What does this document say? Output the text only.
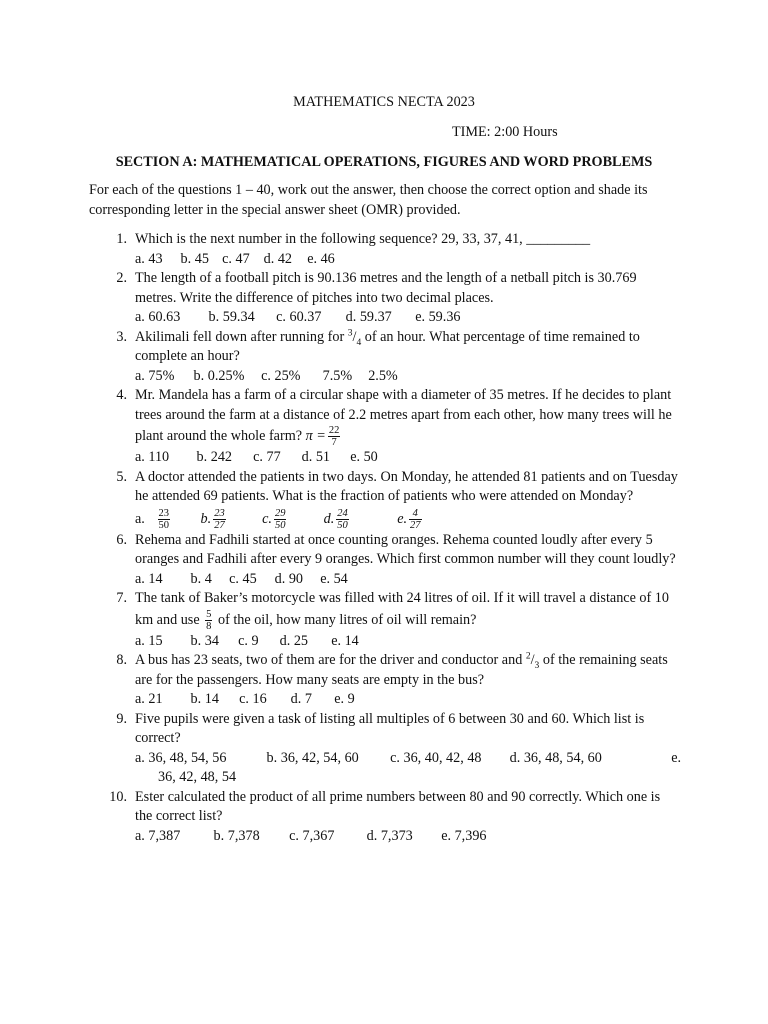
MATHEMATICS NECTA 2023
TIME: 2:00 Hours
SECTION A: MATHEMATICAL OPERATIONS, FIGURES AND WORD PROBLEMS
For each of the questions 1 – 40, work out the answer, then choose the correct option and shade its corresponding letter in the special answer sheet (OMR) provided.
1. Which is the next number in the following sequence? 29, 33, 37, 41, _________
a. 43 b. 45 c. 47 d. 42 e. 46
2. The length of a football pitch is 90.136 metres and the length of a netball pitch is 30.769 metres. Write the difference of pitches into two decimal places.
a. 60.63 b. 59.34 c. 60.37 d. 59.37 e. 59.36
3. Akilimali fell down after running for $^3/_4$ of an hour. What percentage of time remained to complete an hour?
a. 75% b. 0.25% c. 25% 7.5% 2.5%
4. Mr. Mandela has a farm of a circular shape with a diameter of 35 metres. If he decides to plant trees around the farm at a distance of 2.2 metres apart from each other, how many trees will he plant around the whole farm? $\pi = \frac{22}{7}$
a. 110 b. 242 c. 77 d. 51 e. 50
5. A doctor attended the patients in two days. On Monday, he attended 81 patients and on Tuesday he attended 69 patients. What is the fraction of patients who were attended on Monday?
a. $\frac{23}{50} b$. $\frac{23}{27}$	c. $\frac{29}{50}$	d. $\frac{24}{50}$	e. $\frac{4}{27}$
6. Rehema and Fadhili started at once counting oranges. Rehema counted loudly after every 5 oranges and Fadhili after every 9 oranges. Which first common number will they count loudly?
a. 14 b. 4 c. 45 d. 90 e. 54
7. The tank of Baker’s motorcycle was filled with 24 litres of oil. If it will travel a distance of 10 km and use $\frac{5}{8}$ of the oil, how many litres of oil will remain?
a. 15 b. 34 c. 9 d. 25 e. 14
8. A bus has 23 seats, two of them are for the driver and conductor and $^2/_3$ of the remaining seats are for the passengers. How many seats are empty in the bus?
a. 21 b. 14 c. 16 d. 7 e. 9
9. Five pupils were given a task of listing all multiples of 6 between 30 and 60. Which list is correct?
a. 36, 48, 54, 56	b. 36, 42, 54, 60 c. 36, 40, 42, 48 d. 36, 48, 54, 60	e.
36, 42, 48, 54
10. Ester calculated the product of all prime numbers between 80 and 90 correctly. Which one is the correct list?
a. 7,387 b. 7,378 c. 7,367 d. 7,373 e. 7,396
